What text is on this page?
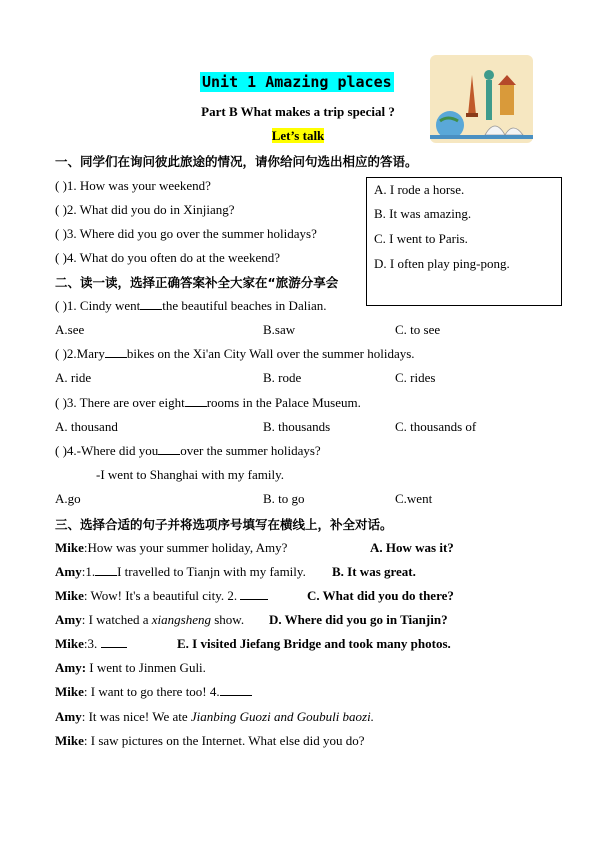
Unit 1 Amazing places
Part B What makes a trip special ?
Let’s talk
一、同学们在询问彼此旅途的情况，请你给问句选出相应的答语。
( )1. How was your weekend?
( )2. What did you do in Xinjiang?
( )3. Where did you go over the summer holidays?
( )4. What do you often do at the weekend?
A. I rode a horse.
B. It was amazing.
C. I went to Paris.
D. I often play ping-pong.
二、读一读，选择正确答案补全大家在“旅游分享会
( )1. Cindy went the beautiful beaches in Dalian.
A.see	B.saw	C. to see
( )2.Mary bikes on the Xi'an City Wall over the summer holidays.
A. ride	B. rode	C. rides
( )3. There are over eight rooms in the Palace Museum.
A. thousand	B. thousands	C. thousands of
( )4.-Where did you over the summer holidays?
-I went to Shanghai with my family.
A.go	B. to go	C.went
三、选择合适的句子并将选项序号填写在横线上，补全对话。
Mike:How was your summer holiday, Amy?	A. How was it?
Amy:1. I travelled to Tianjn with my family. B. It was great.
Mike: Wow! It's a beautiful city. 2.	C. What did you do there?
Amy: I watched a xiangsheng show. D. Where did you go in Tianjin?
Mike:3.	E. I visited Jiefang Bridge and took many photos.
Amy: I went to Jinmen Guli.
Mike: I want to go there too! 4.
Amy: It was nice! We ate Jianbing Guozi and Goubuli baozi.
Mike: I saw pictures on the Internet. What else did you do?
